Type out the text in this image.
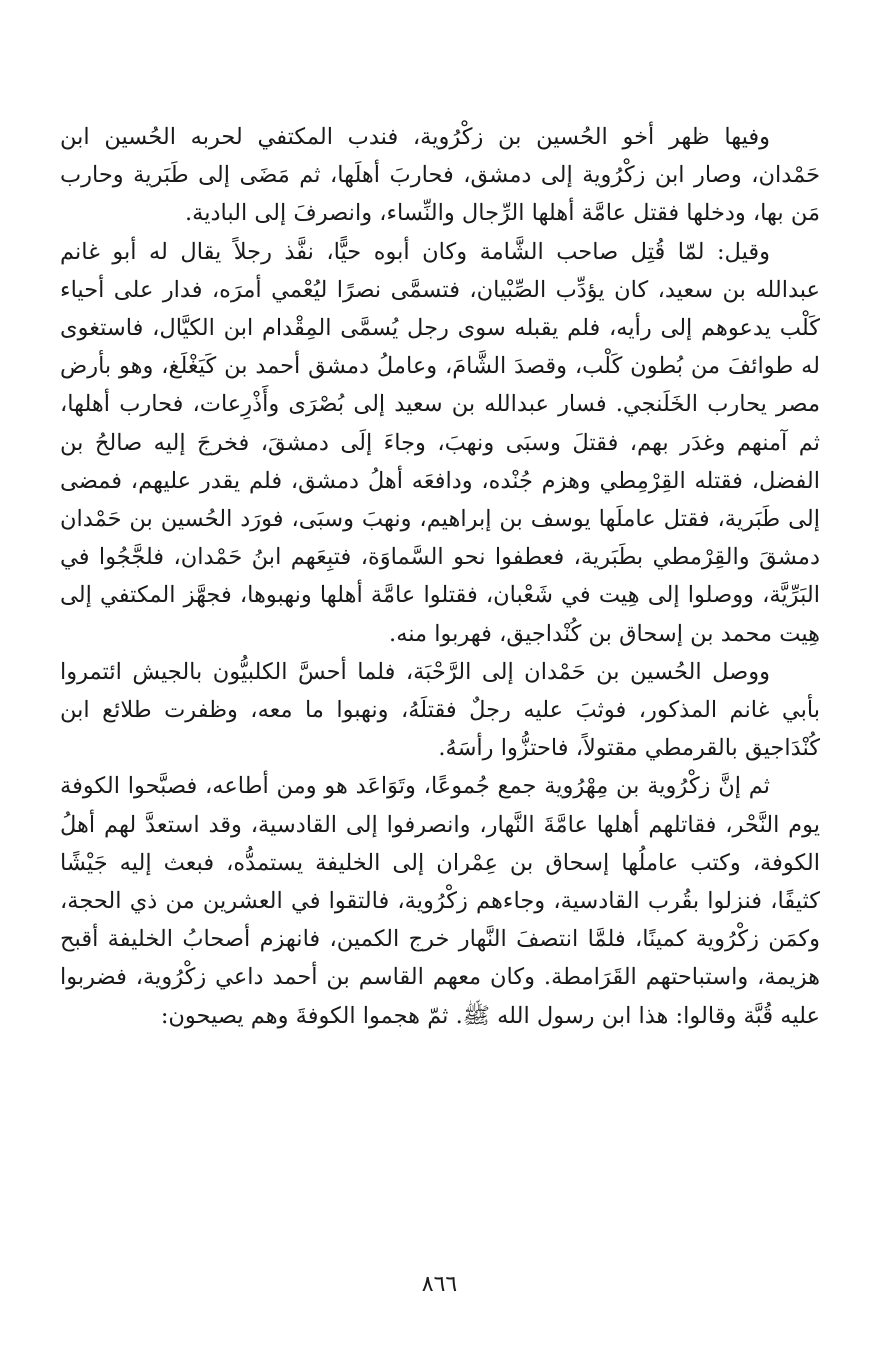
وفيها ظهر أخو الحُسين بن زكْرُوية، فندب المكتفي لحربه الحُسين ابن حَمْدان، وصار ابن زكْرُوية إلى دمشق، فحاربَ أهلَها، ثم مَضَى إلى طَبَرية وحارب مَن بها، ودخلها فقتل عامَّة أهلها الرِّجال والنِّساء، وانصرفَ إلى البادية.

وقيل: لمّا قُتِل صاحب الشَّامة وكان أبوه حيًّا، نفَّذ رجلاً يقال له أبو غانم عبدالله بن سعيد، كان يؤدِّب الصِّبْيان، فتسمَّى نصرًا ليُعْمي أمرَه، فدار على أحياء كَلْب يدعوهم إلى رأيه، فلم يقبله سوى رجل يُسمَّى المِقْدام ابن الكيَّال، فاستغوى له طوائفَ من بُطون كَلْب، وقصدَ الشَّامَ، وعاملُ دمشق أحمد بن كَيَغْلَغ، وهو بأرض مصر يحارب الخَلَنجي. فسار عبدالله بن سعيد إلى بُصْرَى وأَذْرِعات، فحارب أهلها، ثم آمنهم وغدَر بهم، فقتلَ وسبَى ونهبَ، وجاءَ إلَى دمشقَ، فخرجَ إليه صالحُ بن الفضل، فقتله القِرْمِطي وهزم جُنْده، ودافعَه أهلُ دمشق، فلم يقدر عليهم، فمضى إلى طَبَرية، فقتل عاملَها يوسف بن إبراهيم، ونهبَ وسبَى، فورَد الحُسين بن حَمْدان دمشقَ والقِرْمطي بطَبَرية، فعطفوا نحو السَّماوَة، فتبِعَهم ابنُ حَمْدان، فلجَّجُوا في البَرِّيَّة، ووصلوا إلى هِيت في شَعْبان، فقتلوا عامَّة أهلها ونهبوها، فجهَّز المكتفي إلى هِيت محمد بن إسحاق بن كُنْداجيق، فهربوا منه.

ووصل الحُسين بن حَمْدان إلى الرَّحْبَة، فلما أحسَّ الكلبيُّون بالجيش ائتمروا بأبي غانم المذكور، فوثبَ عليه رجلٌ فقتلَهُ، ونهبوا ما معه، وظفرت طلائع ابن كُنْدَاجيق بالقرمطي مقتولاً، فاحتزُّوا رأسَهُ.

ثم إنَّ زكْرُوية بن مِهْرُوية جمع جُموعًا، وتَوَاعَد هو ومن أطاعه، فصبَّحوا الكوفة يوم النَّحْر، فقاتلهم أهلها عامَّةَ النَّهار، وانصرفوا إلى القادسية، وقد استعدَّ لهم أهلُ الكوفة، وكتب عاملُها إسحاق بن عِمْران إلى الخليفة يستمدُّه، فبعث إليه جَيْشًا كثيفًا، فنزلوا بقُرب القادسية، وجاءهم زكْرُوية، فالتقوا في العشرين من ذي الحجة، وكمَن زكْرُوية كمينًا، فلمَّا انتصفَ النَّهار خرج الكمين، فانهزم أصحابُ الخليفة أقبح هزيمة، واستباحتهم القَرَامطة. وكان معهم القاسم بن أحمد داعي زكْرُوية، فضربوا عليه قُبَّة وقالوا: هذا ابن رسول الله ﷺ. ثمّ هجموا الكوفةَ وهم يصيحون:

٨٦٦
